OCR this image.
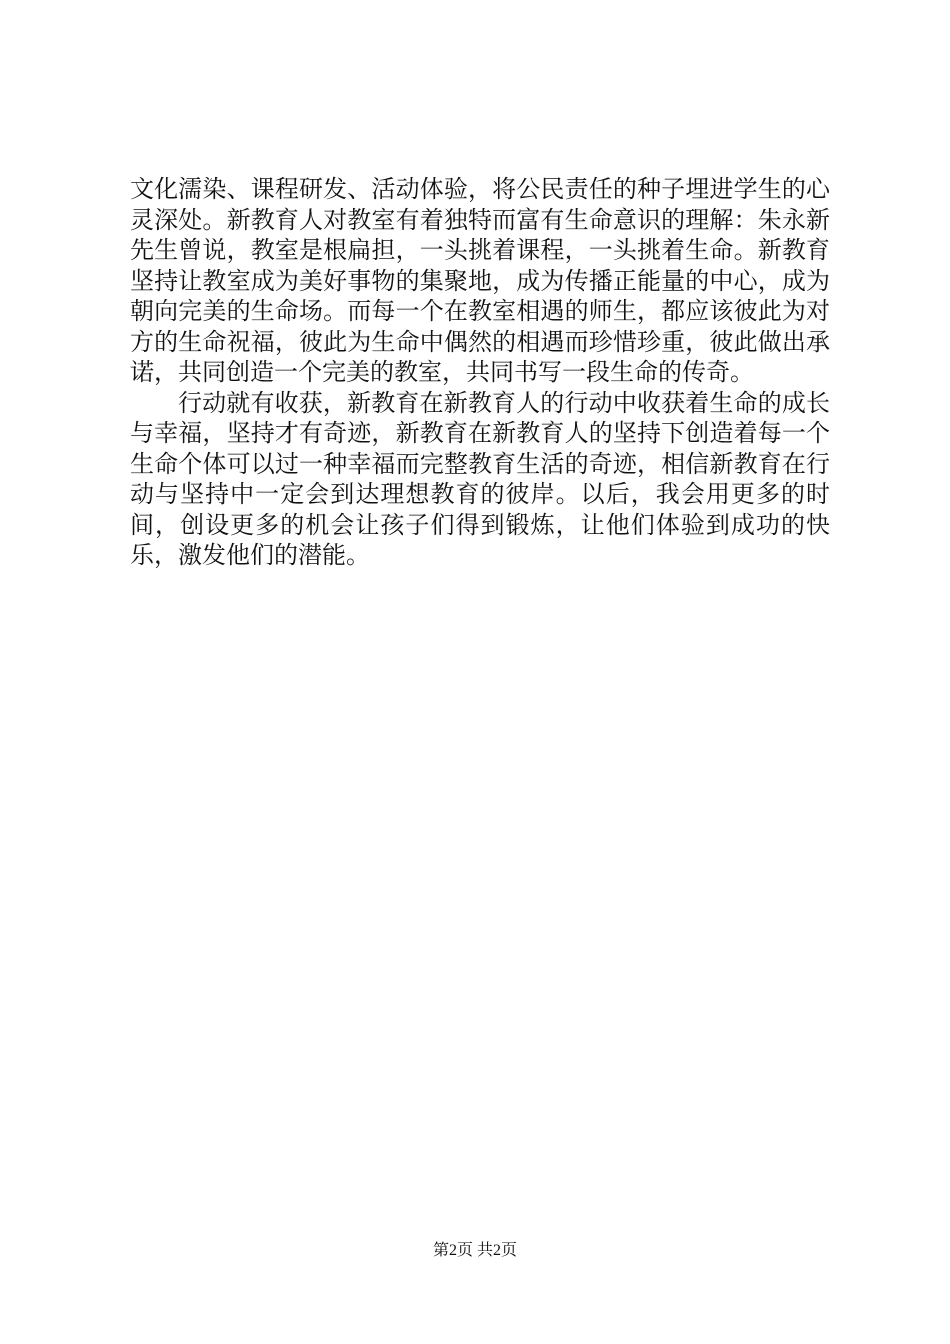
文化濡染、课程研发、活动体验，将公民责任的种子埋进学生的心灵深处。新教育人对教室有着独特而富有生命意识的理解：朱永新先生曾说，教室是根扁担，一头挑着课程，一头挑着生命。新教育坚持让教室成为美好事物的集聚地，成为传播正能量的中心，成为朝向完美的生命场。而每一个在教室相遇的师生，都应该彼此为对方的生命祝福，彼此为生命中偶然的相遇而珍惜珍重，彼此做出承诺，共同创造一个完美的教室，共同书写一段生命的传奇。

行动就有收获，新教育在新教育人的行动中收获着生命的成长与幸福，坚持才有奇迹，新教育在新教育人的坚持下创造着每一个生命个体可以过一种幸福而完整教育生活的奇迹，相信新教育在行动与坚持中一定会到达理想教育的彼岸。以后，我会用更多的时间，创设更多的机会让孩子们得到锻炼，让他们体验到成功的快乐，激发他们的潜能。

第2页 共2页
